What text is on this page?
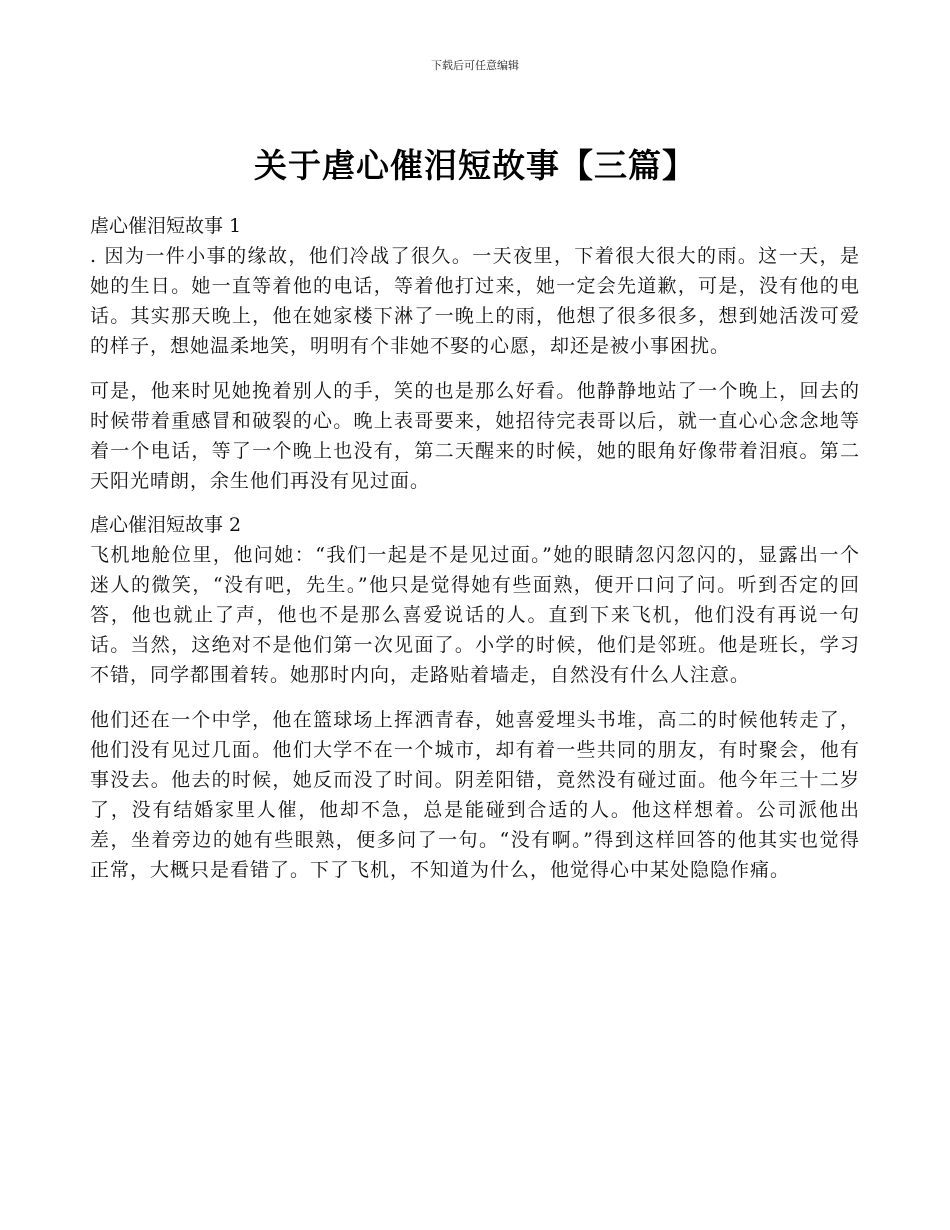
下载后可任意编辑

关于虐心催泪短故事【三篇】

虐心催泪短故事 1

. 因为一件小事的缘故，他们冷战了很久。一天夜里，下着很大很大的雨。这一天，是她的生日。她一直等着他的电话，等着他打过来，她一定会先道歉，可是，没有他的电话。其实那天晚上，他在她家楼下淋了一晚上的雨，他想了很多很多，想到她活泼可爱的样子，想她温柔地笑，明明有个非她不娶的心愿，却还是被小事困扰。

可是，他来时见她挽着别人的手，笑的也是那么好看。他静静地站了一个晚上，回去的时候带着重感冒和破裂的心。晚上表哥要来，她招待完表哥以后，就一直心心念念地等着一个电话，等了一个晚上也没有，第二天醒来的时候，她的眼角好像带着泪痕。第二天阳光晴朗，余生他们再没有见过面。

虐心催泪短故事 2

飞机地舱位里，他问她：“我们一起是不是见过面。”她的眼睛忽闪忽闪的，显露出一个迷人的微笑，“没有吧，先生。”他只是觉得她有些面熟，便开口问了问。听到否定的回答，他也就止了声，他也不是那么喜爱说话的人。直到下来飞机，他们没有再说一句话。当然，这绝对不是他们第一次见面了。小学的时候，他们是邻班。他是班长，学习不错，同学都围着转。她那时内向，走路贴着墙走，自然没有什么人注意。

他们还在一个中学，他在篮球场上挥洒青春，她喜爱埋头书堆，高二的时候他转走了，他们没有见过几面。他们大学不在一个城市，却有着一些共同的朋友，有时聚会，他有事没去。他去的时候，她反而没了时间。阴差阳错，竟然没有碰过面。他今年三十二岁了，没有结婚家里人催，他却不急，总是能碰到合适的人。他这样想着。公司派他出差，坐着旁边的她有些眼熟，便多问了一句。“没有啊。”得到这样回答的他其实也觉得正常，大概只是看错了。下了飞机，不知道为什么，他觉得心中某处隐隐作痛。
